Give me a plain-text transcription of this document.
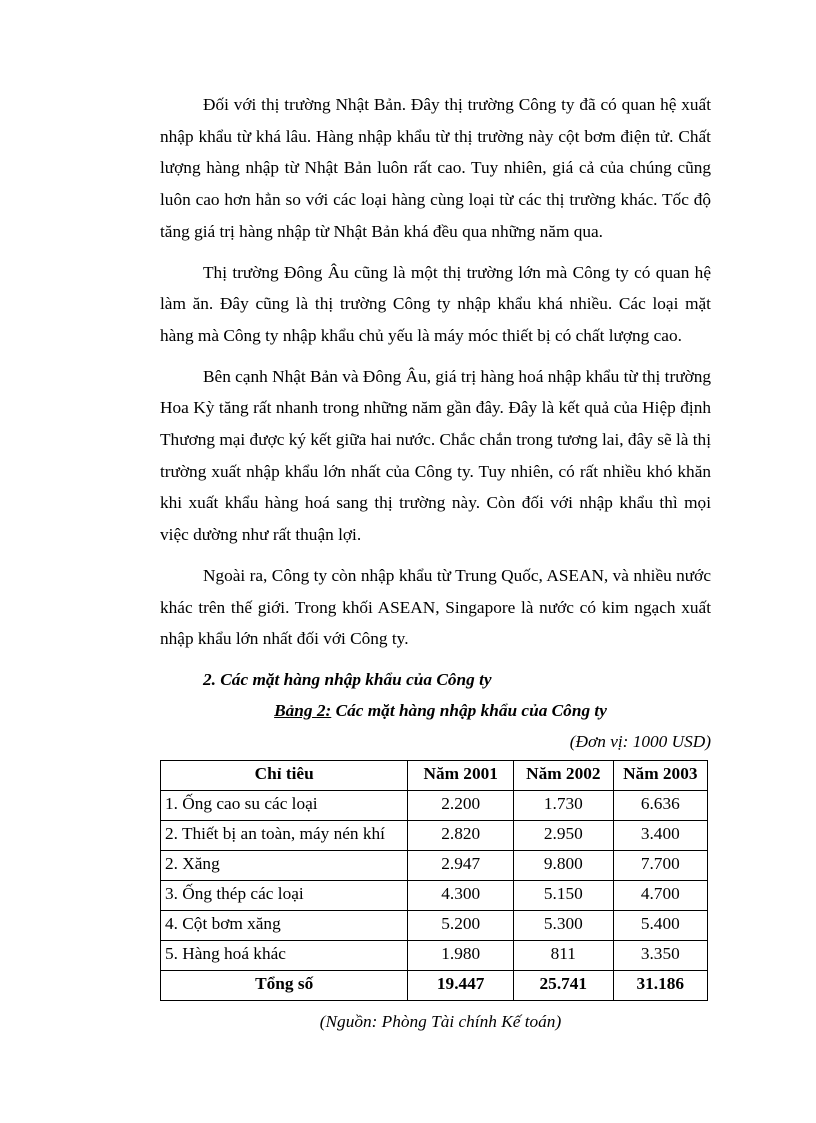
Đối với thị trường Nhật Bản. Đây thị trường Công ty đã có quan hệ xuất nhập khẩu từ khá lâu. Hàng nhập khẩu từ thị trường này cột bơm điện tử. Chất lượng hàng nhập từ Nhật Bản luôn rất cao. Tuy nhiên, giá cả của chúng cũng luôn cao hơn hẳn so với các loại hàng cùng loại từ các thị trường khác. Tốc độ tăng giá trị hàng nhập từ Nhật Bản khá đều qua những năm qua.

Thị trường Đông Âu cũng là một thị trường lớn mà Công ty có quan hệ làm ăn. Đây cũng là thị trường Công ty nhập khẩu khá nhiều. Các loại mặt hàng mà Công ty nhập khẩu chủ yếu là máy móc thiết bị có chất lượng cao.

Bên cạnh Nhật Bản và Đông Âu, giá trị hàng hoá nhập khẩu từ thị trường Hoa Kỳ tăng rất nhanh trong những năm gần đây. Đây là kết quả của Hiệp định Thương mại được ký kết giữa hai nước. Chắc chắn trong tương lai, đây sẽ là thị trường xuất nhập khẩu lớn nhất của Công ty. Tuy nhiên, có rất nhiều khó khăn khi xuất khẩu hàng hoá sang thị trường này. Còn đối với nhập khẩu thì mọi việc dường như rất thuận lợi.

Ngoài ra, Công ty còn nhập khẩu từ Trung Quốc, ASEAN, và nhiều nước khác trên thế giới. Trong khối ASEAN, Singapore là nước có kim ngạch xuất nhập khẩu lớn nhất đối với Công ty.

2. Các mặt hàng nhập khẩu của Công ty

Bảng 2: Các mặt hàng nhập khẩu của Công ty

(Đơn vị: 1000 USD)

Chỉ tiêu	Năm 2001	Năm 2002	Năm 2003
1. Ống cao su các loại	2.200	1.730	6.636
2. Thiết bị an toàn, máy nén khí	2.820	2.950	3.400
2. Xăng	2.947	9.800	7.700
3. Ống thép các loại	4.300	5.150	4.700
4. Cột bơm xăng	5.200	5.300	5.400
5. Hàng hoá khác	1.980	811	3.350
Tổng số	19.447	25.741	31.186

(Nguồn: Phòng Tài chính Kế toán)
